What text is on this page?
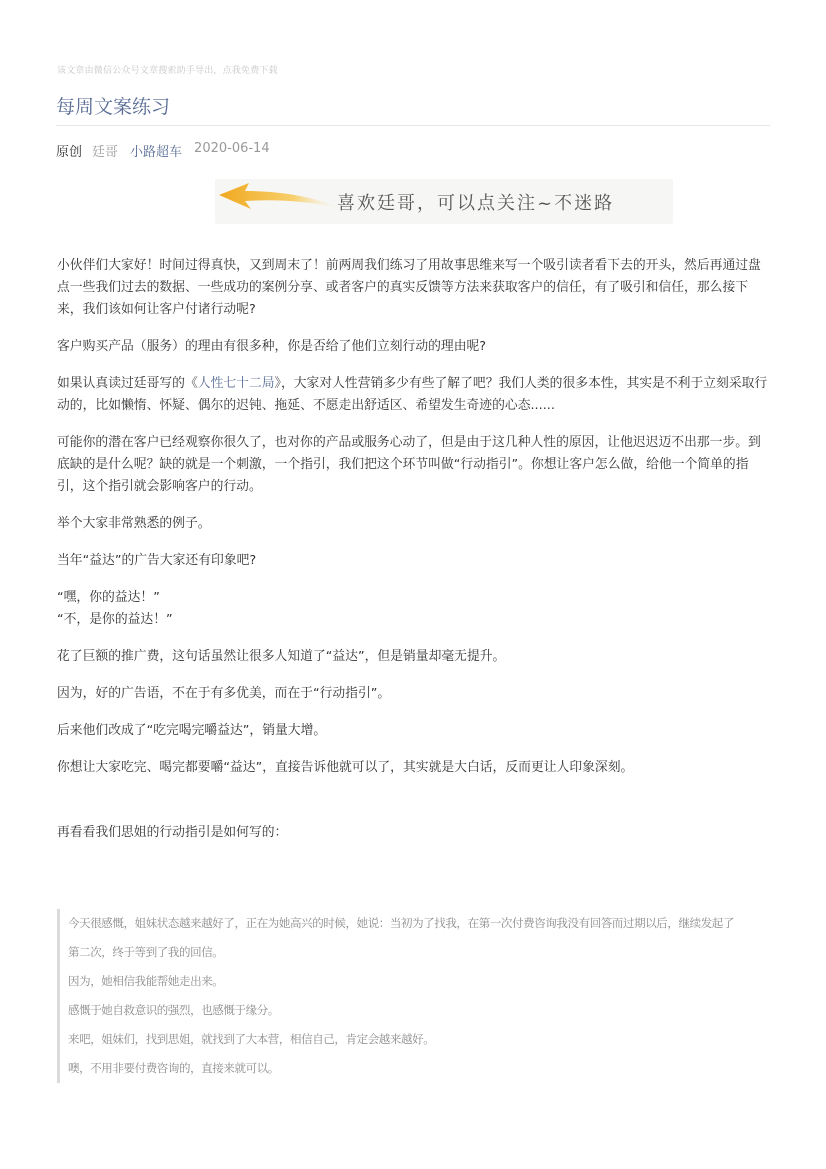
该文章由微信公众号文章搜索助手导出，点我免费下载
每周文案练习
原创 廷哥 小路超车 2020-06-14
喜欢廷哥，可以点关注~不迷路

小伙伴们大家好！时间过得真快，又到周末了！前两周我们练习了用故事思维来写一个吸引读者看下去的开头，然后再通过盘点一些我们过去的数据、一些成功的案例分享、或者客户的真实反馈等方法来获取客户的信任，有了吸引和信任，那么接下来，我们该如何让客户付诸行动呢?

客户购买产品（服务）的理由有很多种，你是否给了他们立刻行动的理由呢?

如果认真读过廷哥写的《人性七十二局》，大家对人性营销多少有些了解了吧？我们人类的很多本性，其实是不利于立刻采取行动的，比如懒惰、怀疑、偶尔的迟钝、拖延、不愿走出舒适区、希望发生奇迹的心态......

可能你的潜在客户已经观察你很久了，也对你的产品或服务心动了，但是由于这几种人性的原因，让他迟迟迈不出那一步。到底缺的是什么呢？缺的就是一个刺激，一个指引，我们把这个环节叫做“行动指引”。你想让客户怎么做，给他一个简单的指引，这个指引就会影响客户的行动。

举个大家非常熟悉的例子。

当年“益达”的广告大家还有印象吧?

“嘿，你的益达！”

“不，是你的益达！”

花了巨额的推广费，这句话虽然让很多人知道了“益达”，但是销量却毫无提升。

因为，好的广告语，不在于有多优美，而在于“行动指引”。

后来他们改成了“吃完喝完嚼益达”，销量大增。

你想让大家吃完、喝完都要嚼“益达”，直接告诉他就可以了，其实就是大白话，反而更让人印象深刻。

再看看我们思姐的行动指引是如何写的：

今天很感慨，姐妹状态越来越好了，正在为她高兴的时候，她说：当初为了找我，在第一次付费咨询我没有回答而过期以后，继续发起了

第二次，终于等到了我的回信。

因为，她相信我能帮她走出来。

感慨于她自救意识的强烈，也感慨于缘分。

来吧，姐妹们，找到思姐，就找到了大本营，相信自己，肯定会越来越好。

噢，不用非要付费咨询的，直接来就可以。
